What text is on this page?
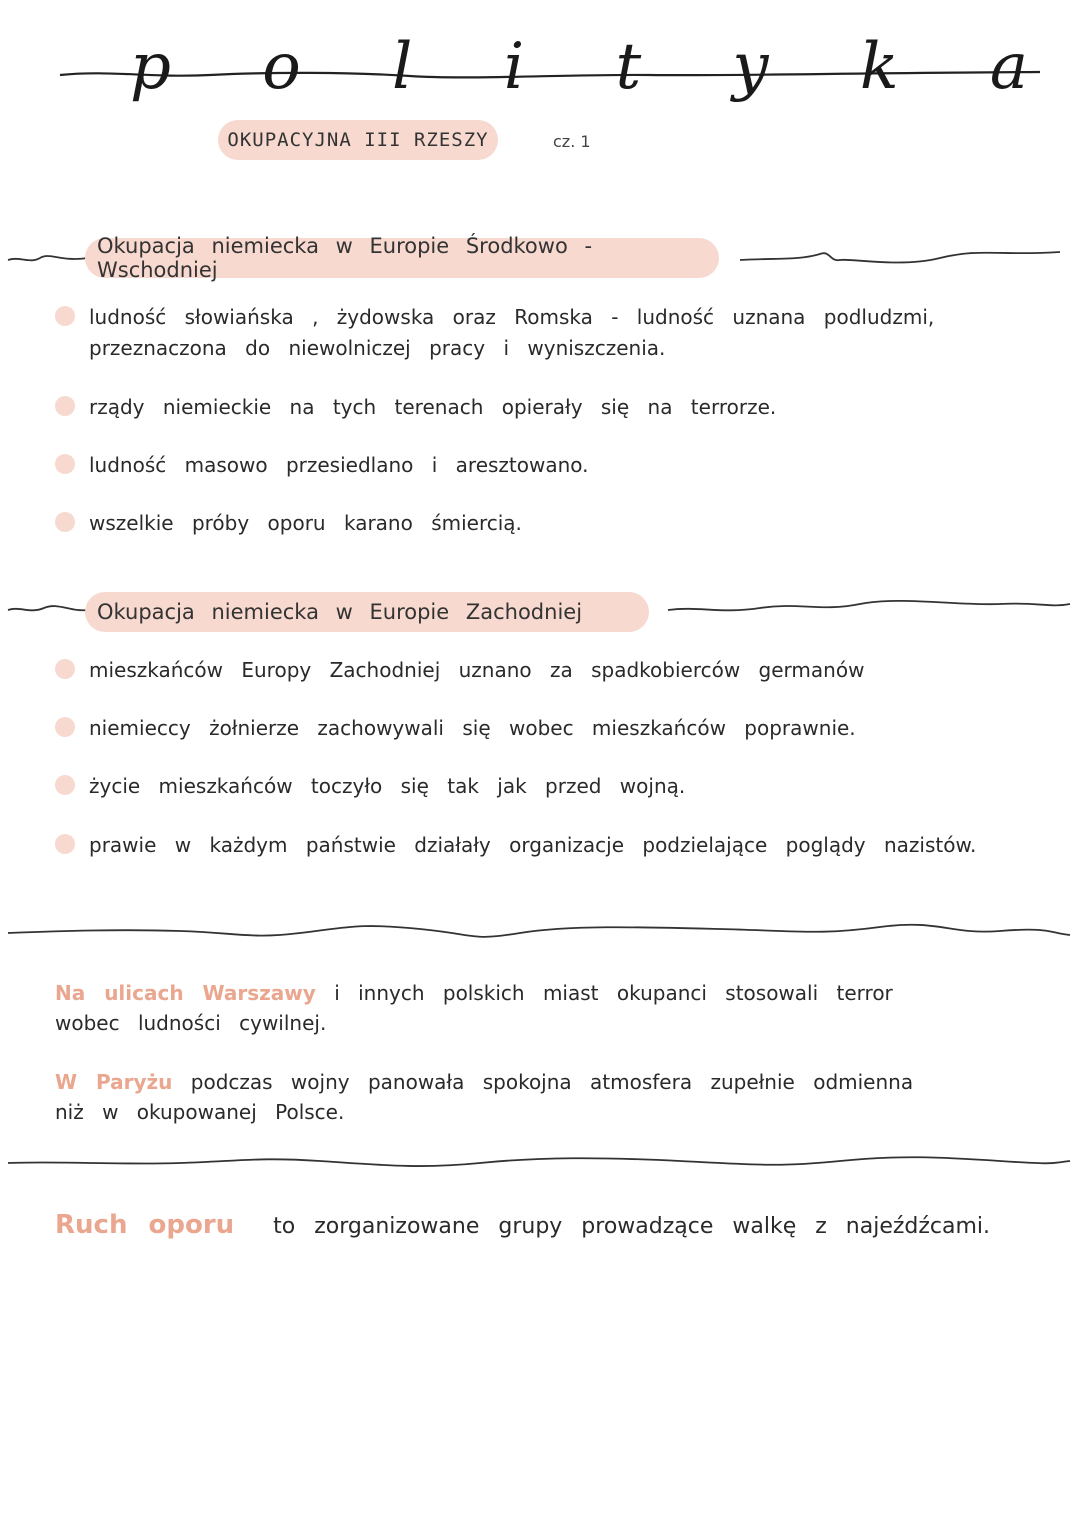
p o l i t y k a
OKUPACYJNA III RZESZY	cz. 1
Okupacja niemiecka w Europie Środkowo - Wschodniej
ludność słowiańska , żydowska oraz Romska - ludność uznana podludzmi, przeznaczona do niewolniczej pracy i wyniszczenia.
rządy niemieckie na tych terenach opierały się na terrorze.
ludność masowo przesiedlano i aresztowano.
wszelkie próby oporu karano śmiercią.
Okupacja niemiecka w Europie Zachodniej
mieszkańców Europy Zachodniej uznano za spadkobierców germanów
niemieccy żołnierze zachowywali się wobec mieszkańców poprawnie.
życie mieszkańców toczyło się tak jak przed wojną.
prawie w każdym państwie działały organizacje podzielające poglądy nazistów.
Na ulicach Warszawy i innych polskich miast okupanci stosowali terror wobec ludności cywilnej.
W Paryżu podczas wojny panowała spokojna atmosfera zupełnie odmienna niż w okupowanej Polsce.
Ruch oporu to zorganizowane grupy prowadzące walkę z najeźdźcami.
